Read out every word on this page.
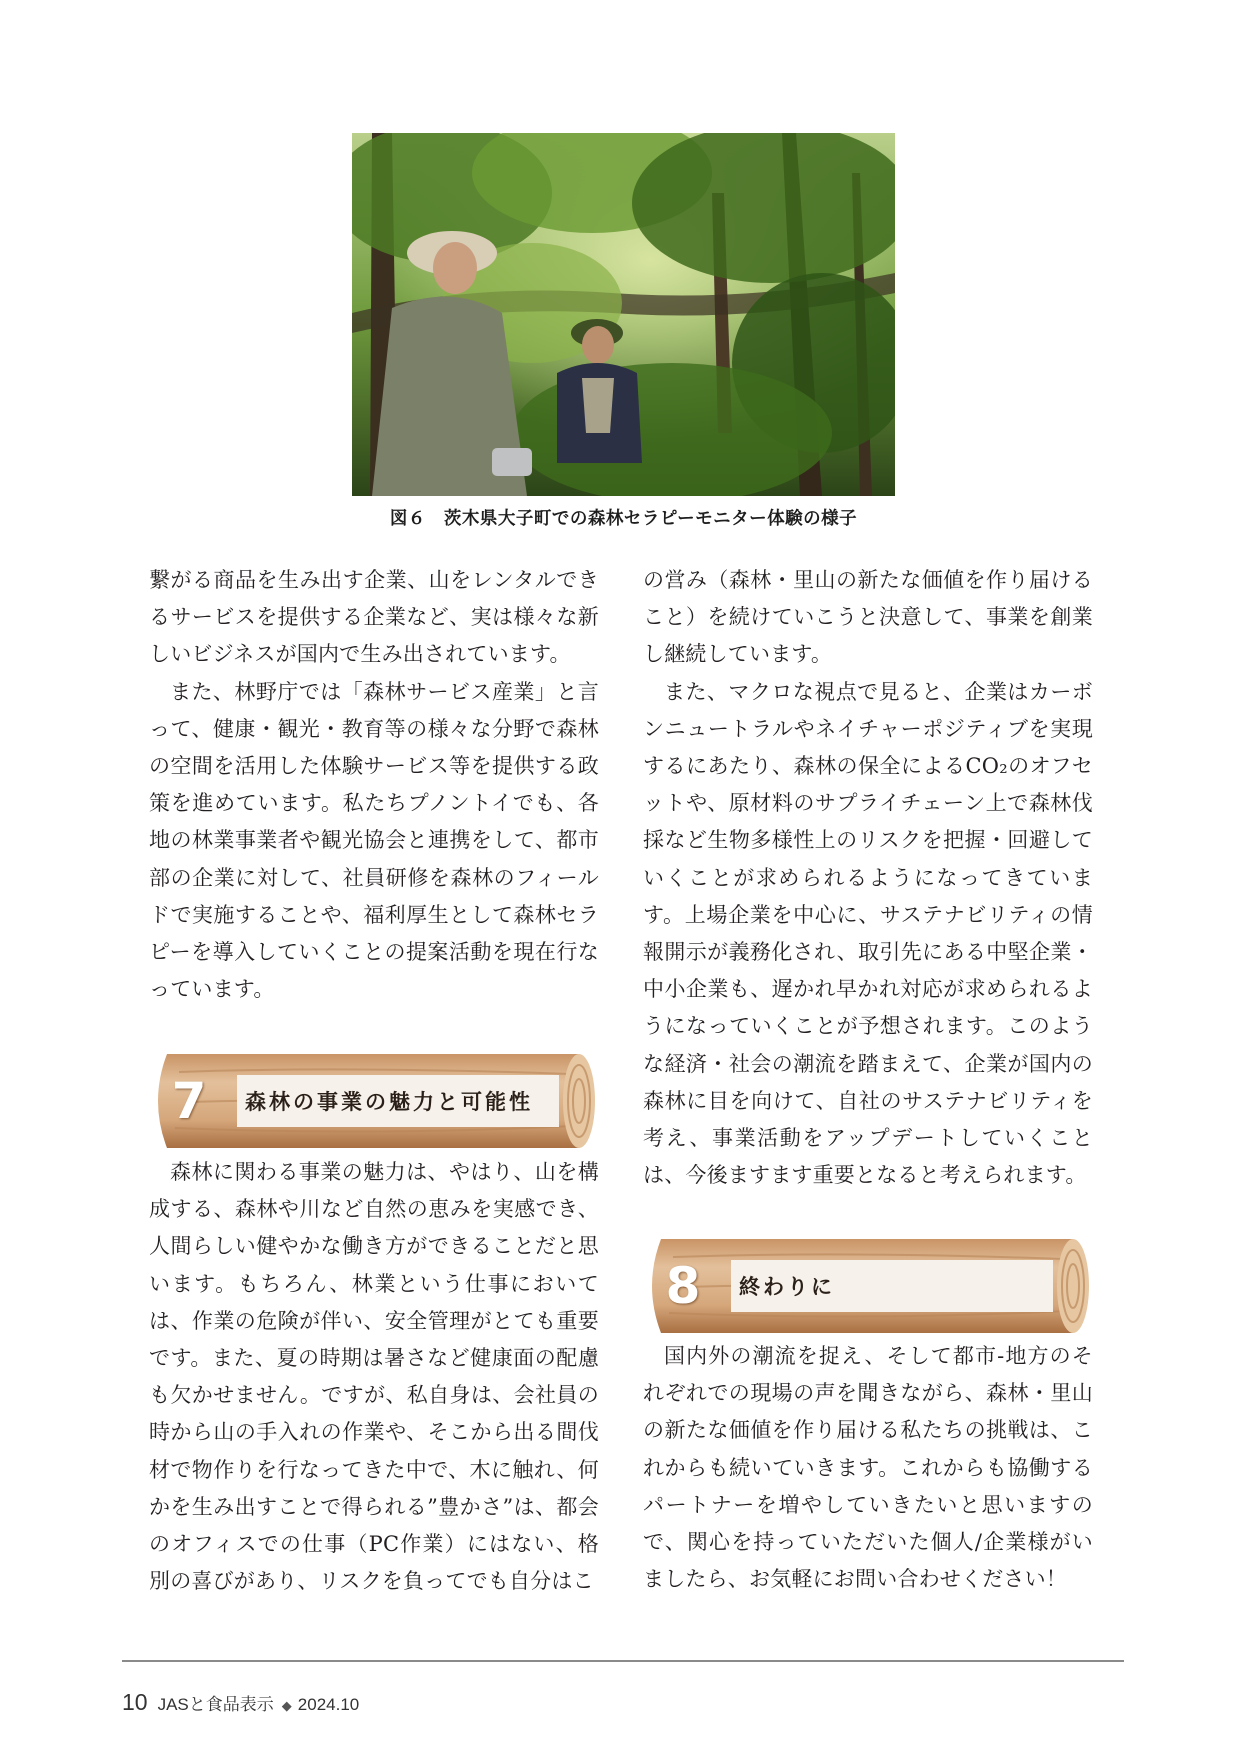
図６　茨木県大子町での森林セラピーモニター体験の様子

繋がる商品を生み出す企業、山をレンタルできるサービスを提供する企業など、実は様々な新しいビジネスが国内で生み出されています。

また、林野庁では「森林サービス産業」と言って、健康・観光・教育等の様々な分野で森林の空間を活用した体験サービス等を提供する政策を進めています。私たちプノントイでも、各地の林業事業者や観光協会と連携をして、都市部の企業に対して、社員研修を森林のフィールドで実施することや、福利厚生として森林セラピーを導入していくことの提案活動を現在行なっています。

7	森林の事業の魅力と可能性

森林に関わる事業の魅力は、やはり、山を構成する、森林や川など自然の恵みを実感でき、人間らしい健やかな働き方ができることだと思います。もちろん、林業という仕事においては、作業の危険が伴い、安全管理がとても重要です。また、夏の時期は暑さなど健康面の配慮も欠かせません。ですが、私自身は、会社員の時から山の手入れの作業や、そこから出る間伐材で物作りを行なってきた中で、木に触れ、何かを生み出すことで得られる”豊かさ”は、都会のオフィスでの仕事（PC作業）にはない、格別の喜びがあり、リスクを負ってでも自分はこ

の営み（森林・里山の新たな価値を作り届けること）を続けていこうと決意して、事業を創業し継続しています。

また、マクロな視点で見ると、企業はカーボンニュートラルやネイチャーポジティブを実現するにあたり、森林の保全によるCO₂のオフセットや、原材料のサプライチェーン上で森林伐採など生物多様性上のリスクを把握・回避していくことが求められるようになってきています。上場企業を中心に、サステナビリティの情報開示が義務化され、取引先にある中堅企業・中小企業も、遅かれ早かれ対応が求められるようになっていくことが予想されます。このような経済・社会の潮流を踏まえて、企業が国内の森林に目を向けて、自社のサステナビリティを考え、事業活動をアップデートしていくことは、今後ますます重要となると考えられます。

8	終わりに

国内外の潮流を捉え、そして都市-地方のそれぞれでの現場の声を聞きながら、森林・里山の新たな価値を作り届ける私たちの挑戦は、これからも続いていきます。これからも協働するパートナーを増やしていきたいと思いますので、関心を持っていただいた個人/企業様がいましたら、お気軽にお問い合わせください！

10 JASと食品表示 ◆ 2024.10
